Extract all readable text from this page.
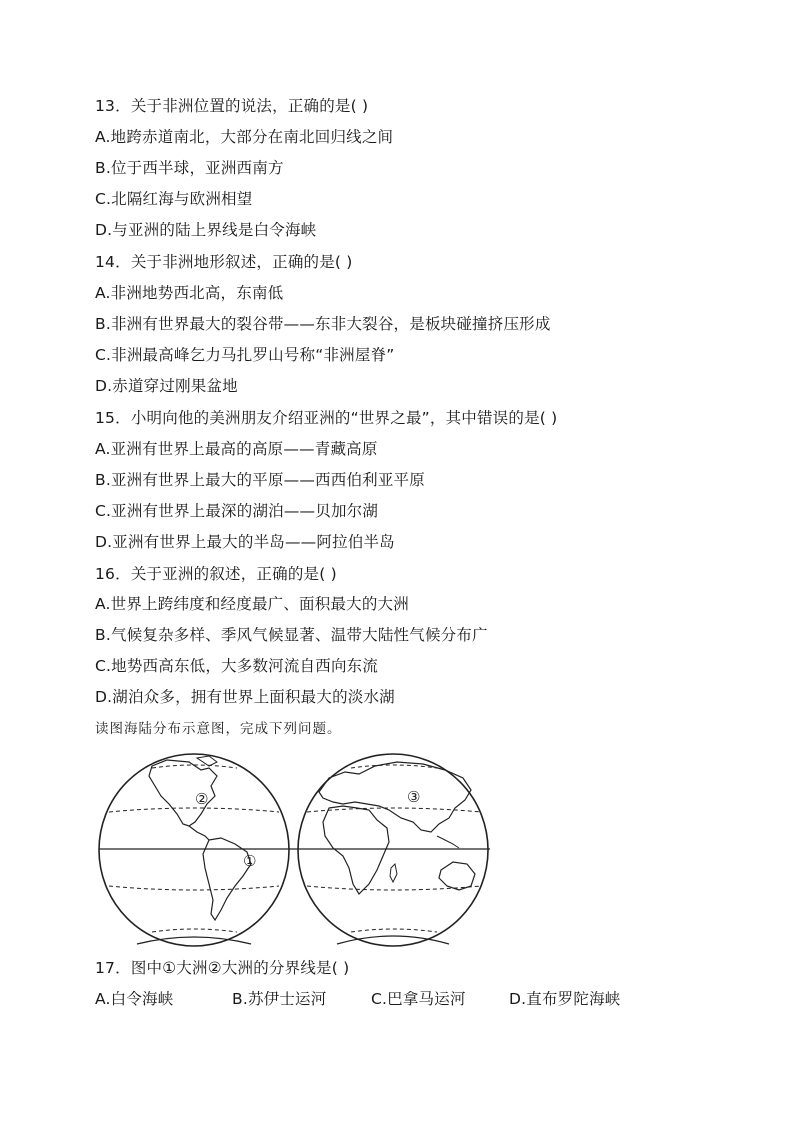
13．关于非洲位置的说法，正确的是( )
A.地跨赤道南北，大部分在南北回归线之间
B.位于西半球，亚洲西南方
C.北隔红海与欧洲相望
D.与亚洲的陆上界线是白令海峡
14．关于非洲地形叙述，正确的是( )
A.非洲地势西北高，东南低
B.非洲有世界最大的裂谷带——东非大裂谷，是板块碰撞挤压形成
C.非洲最高峰乞力马扎罗山号称“非洲屋脊”
D.赤道穿过刚果盆地
15．小明向他的美洲朋友介绍亚洲的“世界之最”，其中错误的是( )
A.亚洲有世界上最高的高原——青藏高原
B.亚洲有世界上最大的平原——西西伯利亚平原
C.亚洲有世界上最深的湖泊——贝加尔湖
D.亚洲有世界上最大的半岛——阿拉伯半岛
16．关于亚洲的叙述，正确的是( )
A.世界上跨纬度和经度最广、面积最大的大洲
B.气候复杂多样、季风气候显著、温带大陆性气候分布广
C.地势西高东低，大多数河流自西向东流
D.湖泊众多，拥有世界上面积最大的淡水湖
读图海陆分布示意图，完成下列问题。
②
①
③
17．图中①大洲②大洲的分界线是( )
A.白令海峡	B.苏伊士运河	C.巴拿马运河	D.直布罗陀海峡
